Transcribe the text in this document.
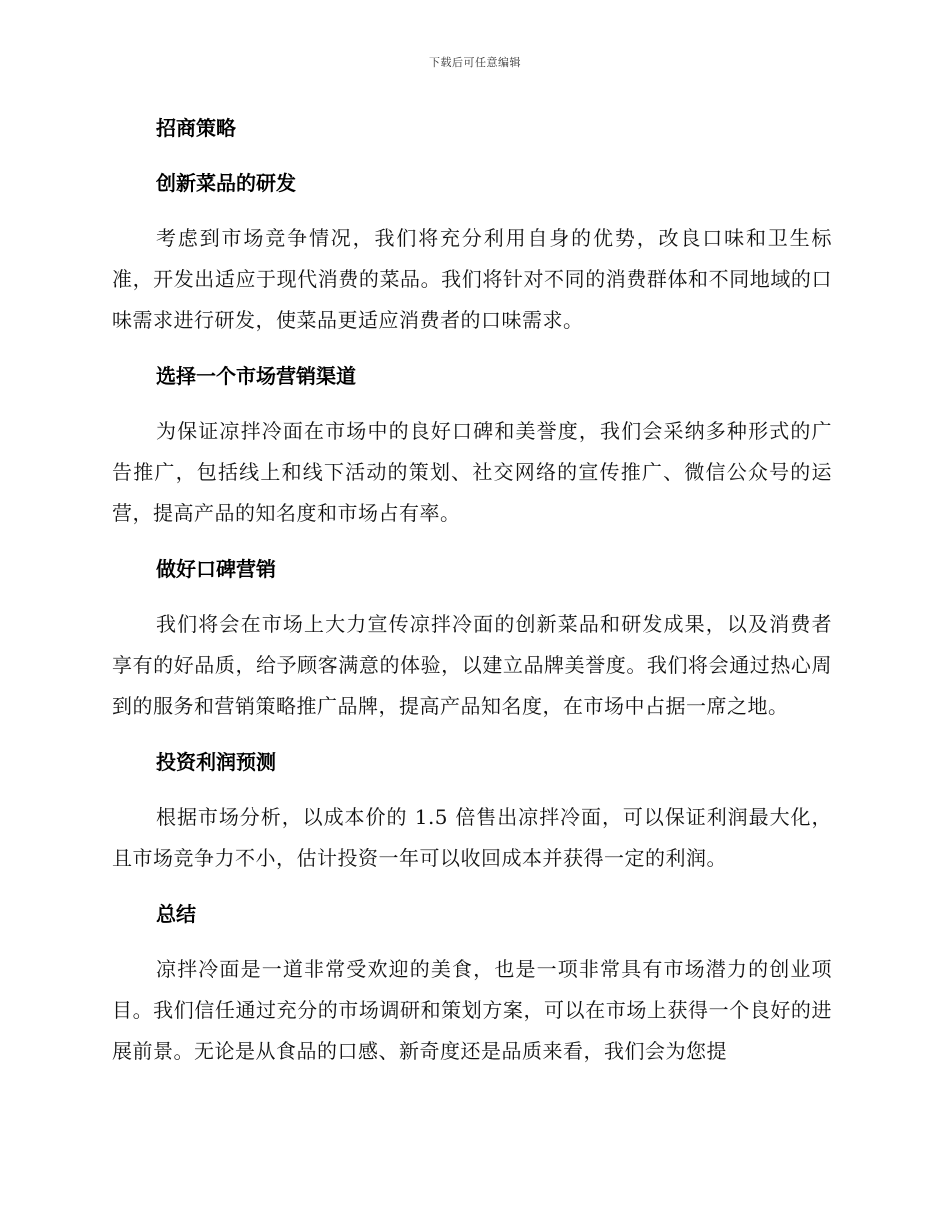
下载后可任意编辑
招商策略
创新菜品的研发

考虑到市场竞争情况，我们将充分利用自身的优势，改良口味和卫生标准，开发出适应于现代消费的菜品。我们将针对不同的消费群体和不同地域的口味需求进行研发，使菜品更适应消费者的口味需求。

选择一个市场营销渠道

为保证凉拌冷面在市场中的良好口碑和美誉度，我们会采纳多种形式的广告推广，包括线上和线下活动的策划、社交网络的宣传推广、微信公众号的运营，提高产品的知名度和市场占有率。

做好口碑营销

我们将会在市场上大力宣传凉拌冷面的创新菜品和研发成果，以及消费者享有的好品质，给予顾客满意的体验，以建立品牌美誉度。我们将会通过热心周到的服务和营销策略推广品牌，提高产品知名度，在市场中占据一席之地。

投资利润预测

根据市场分析，以成本价的 1.5 倍售出凉拌冷面，可以保证利润最大化，且市场竞争力不小，估计投资一年可以收回成本并获得一定的利润。

总结

凉拌冷面是一道非常受欢迎的美食，也是一项非常具有市场潜力的创业项目。我们信任通过充分的市场调研和策划方案，可以在市场上获得一个良好的进展前景。无论是从食品的口感、新奇度还是品质来看，我们会为您提
